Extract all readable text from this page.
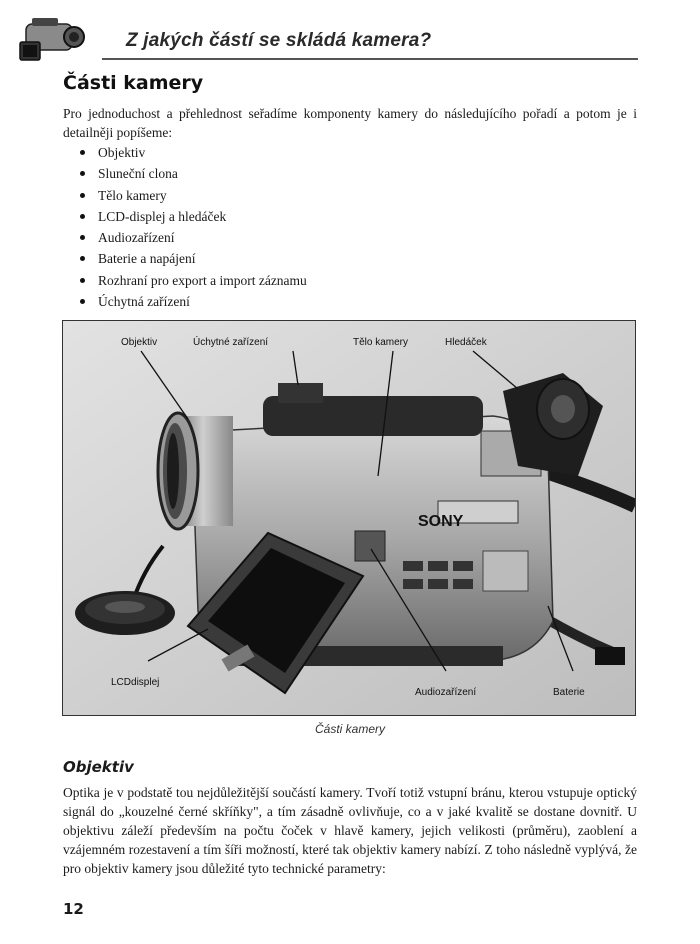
Z jakých částí se skládá kamera?
Části kamery

Pro jednoduchost a přehlednost seřadíme komponenty kamery do následujícího pořadí a potom je i detailněji popíšeme:

Objektiv
Sluneční clona
Tělo kamery
LCD-displej a hledáček
Audiozařízení
Baterie a napájení
Rozhraní pro export a import záznamu
Úchytná zařízení
SONY
Objektiv	Úchytné zařízení	Tělo kamery	Hledáček
LCDdisplej
Audiozařízení	Baterie
Části kamery
Objektiv

Optika je v podstatě tou nejdůležitější součástí kamery. Tvoří totiž vstupní bránu, kterou vstupuje optický signál do „kouzelné černé skříňky", a tím zásadně ovlivňuje, co a v jaké kvalitě se dostane dovnitř. U objektivu záleží především na počtu čoček v hlavě kamery, jejich velikosti (průměru), zaoblení a vzájemném rozestavení a tím šíři možností, které tak objektiv kamery nabízí. Z toho následně vyplývá, že pro objektiv kamery jsou důležité tyto technické parametry:

12
